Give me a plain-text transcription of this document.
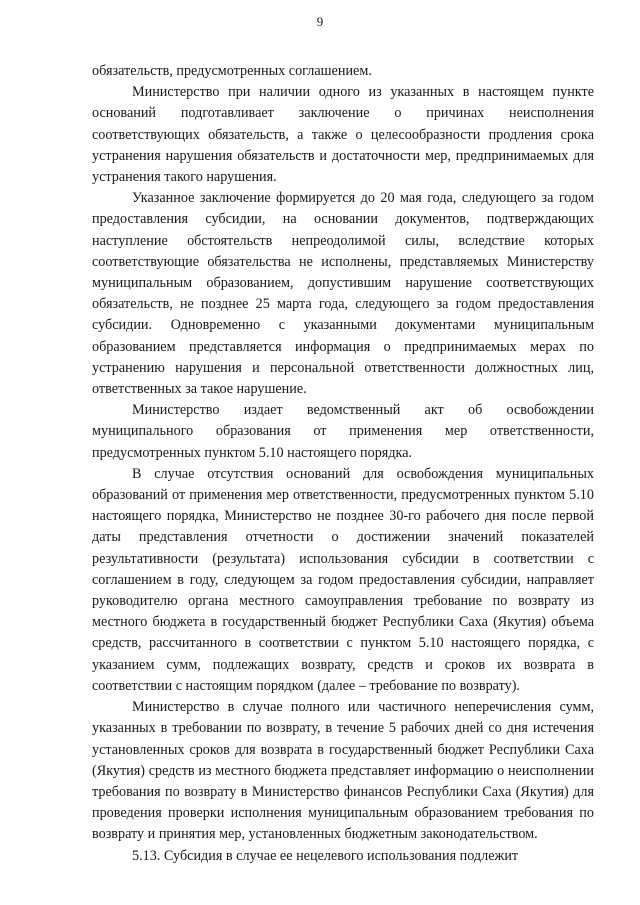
9

обязательств, предусмотренных соглашением.

Министерство при наличии одного из указанных в настоящем пункте оснований подготавливает заключение о причинах неисполнения соответствующих обязательств, а также о целесообразности продления срока устранения нарушения обязательств и достаточности мер, предпринимаемых для устранения такого нарушения.

Указанное заключение формируется до 20 мая года, следующего за годом предоставления субсидии, на основании документов, подтверждающих наступление обстоятельств непреодолимой силы, вследствие которых соответствующие обязательства не исполнены, представляемых Министерству муниципальным образованием, допустившим нарушение соответствующих обязательств, не позднее 25 марта года, следующего за годом предоставления субсидии. Одновременно с указанными документами муниципальным образованием представляется информация о предпринимаемых мерах по устранению нарушения и персональной ответственности должностных лиц, ответственных за такое нарушение.

Министерство издает ведомственный акт об освобождении муниципального образования от применения мер ответственности, предусмотренных пунктом 5.10 настоящего порядка.

В случае отсутствия оснований для освобождения муниципальных образований от применения мер ответственности, предусмотренных пунктом 5.10 настоящего порядка, Министерство не позднее 30-го рабочего дня после первой даты представления отчетности о достижении значений показателей результативности (результата) использования субсидии в соответствии с соглашением в году, следующем за годом предоставления субсидии, направляет руководителю органа местного самоуправления требование по возврату из местного бюджета в государственный бюджет Республики Саха (Якутия) объема средств, рассчитанного в соответствии с пунктом 5.10 настоящего порядка, с указанием сумм, подлежащих возврату, средств и сроков их возврата в соответствии с настоящим порядком (далее – требование по возврату).

Министерство в случае полного или частичного неперечисления сумм, указанных в требовании по возврату, в течение 5 рабочих дней со дня истечения установленных сроков для возврата в государственный бюджет Республики Саха (Якутия) средств из местного бюджета представляет информацию о неисполнении требования по возврату в Министерство финансов Республики Саха (Якутия) для проведения проверки исполнения муниципальным образованием требования по возврату и принятия мер, установленных бюджетным законодательством.

5.13. Субсидия в случае ее нецелевого использования подлежит
